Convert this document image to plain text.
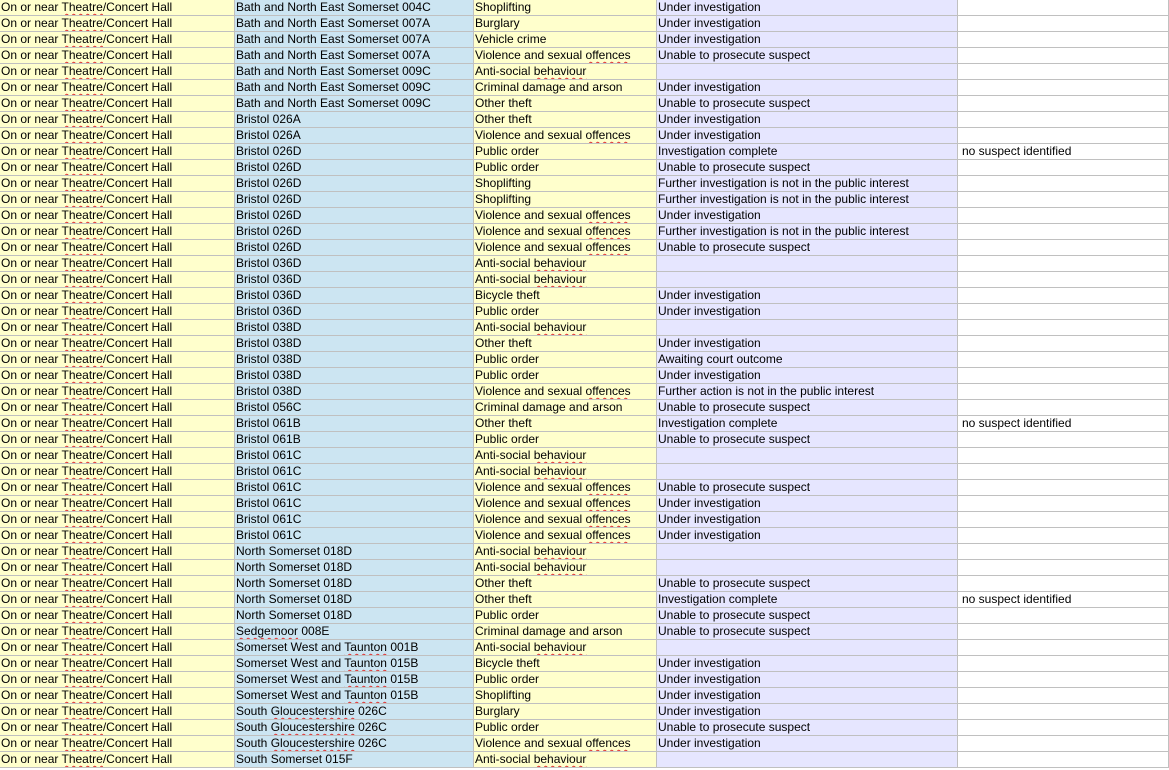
On or near Theatre/Concert Hall	Bath and North East Somerset 004C	Shoplifting	Under investigation
On or near Theatre/Concert Hall	Bath and North East Somerset 007A	Burglary	Under investigation
On or near Theatre/Concert Hall	Bath and North East Somerset 007A	Vehicle crime	Under investigation
On or near Theatre/Concert Hall	Bath and North East Somerset 007A	Violence and sexual offences	Unable to prosecute suspect
On or near Theatre/Concert Hall	Bath and North East Somerset 009C	Anti-social behaviour
On or near Theatre/Concert Hall	Bath and North East Somerset 009C	Criminal damage and arson	Under investigation
On or near Theatre/Concert Hall	Bath and North East Somerset 009C	Other theft	Unable to prosecute suspect
On or near Theatre/Concert Hall	Bristol 026A	Other theft	Under investigation
On or near Theatre/Concert Hall	Bristol 026A	Violence and sexual offences	Under investigation
On or near Theatre/Concert Hall	Bristol 026D	Public order	Investigation complete	no suspect identified
On or near Theatre/Concert Hall	Bristol 026D	Public order	Unable to prosecute suspect
On or near Theatre/Concert Hall	Bristol 026D	Shoplifting	Further investigation is not in the public interest
On or near Theatre/Concert Hall	Bristol 026D	Shoplifting	Further investigation is not in the public interest
On or near Theatre/Concert Hall	Bristol 026D	Violence and sexual offences	Under investigation
On or near Theatre/Concert Hall	Bristol 026D	Violence and sexual offences	Further investigation is not in the public interest
On or near Theatre/Concert Hall	Bristol 026D	Violence and sexual offences	Unable to prosecute suspect
On or near Theatre/Concert Hall	Bristol 036D	Anti-social behaviour
On or near Theatre/Concert Hall	Bristol 036D	Anti-social behaviour
On or near Theatre/Concert Hall	Bristol 036D	Bicycle theft	Under investigation
On or near Theatre/Concert Hall	Bristol 036D	Public order	Under investigation
On or near Theatre/Concert Hall	Bristol 038D	Anti-social behaviour
On or near Theatre/Concert Hall	Bristol 038D	Other theft	Under investigation
On or near Theatre/Concert Hall	Bristol 038D	Public order	Awaiting court outcome
On or near Theatre/Concert Hall	Bristol 038D	Public order	Under investigation
On or near Theatre/Concert Hall	Bristol 038D	Violence and sexual offences	Further action is not in the public interest
On or near Theatre/Concert Hall	Bristol 056C	Criminal damage and arson	Unable to prosecute suspect
On or near Theatre/Concert Hall	Bristol 061B	Other theft	Investigation complete	no suspect identified
On or near Theatre/Concert Hall	Bristol 061B	Public order	Unable to prosecute suspect
On or near Theatre/Concert Hall	Bristol 061C	Anti-social behaviour
On or near Theatre/Concert Hall	Bristol 061C	Anti-social behaviour
On or near Theatre/Concert Hall	Bristol 061C	Violence and sexual offences	Unable to prosecute suspect
On or near Theatre/Concert Hall	Bristol 061C	Violence and sexual offences	Under investigation
On or near Theatre/Concert Hall	Bristol 061C	Violence and sexual offences	Under investigation
On or near Theatre/Concert Hall	Bristol 061C	Violence and sexual offences	Under investigation
On or near Theatre/Concert Hall	North Somerset 018D	Anti-social behaviour
On or near Theatre/Concert Hall	North Somerset 018D	Anti-social behaviour
On or near Theatre/Concert Hall	North Somerset 018D	Other theft	Unable to prosecute suspect
On or near Theatre/Concert Hall	North Somerset 018D	Other theft	Investigation complete	no suspect identified
On or near Theatre/Concert Hall	North Somerset 018D	Public order	Unable to prosecute suspect
On or near Theatre/Concert Hall	Sedgemoor 008E	Criminal damage and arson	Unable to prosecute suspect
On or near Theatre/Concert Hall	Somerset West and Taunton 001B	Anti-social behaviour
On or near Theatre/Concert Hall	Somerset West and Taunton 015B	Bicycle theft	Under investigation
On or near Theatre/Concert Hall	Somerset West and Taunton 015B	Public order	Under investigation
On or near Theatre/Concert Hall	Somerset West and Taunton 015B	Shoplifting	Under investigation
On or near Theatre/Concert Hall	South Gloucestershire 026C	Burglary	Under investigation
On or near Theatre/Concert Hall	South Gloucestershire 026C	Public order	Unable to prosecute suspect
On or near Theatre/Concert Hall	South Gloucestershire 026C	Violence and sexual offences	Under investigation
On or near Theatre/Concert Hall	South Somerset 015F	Anti-social behaviour
